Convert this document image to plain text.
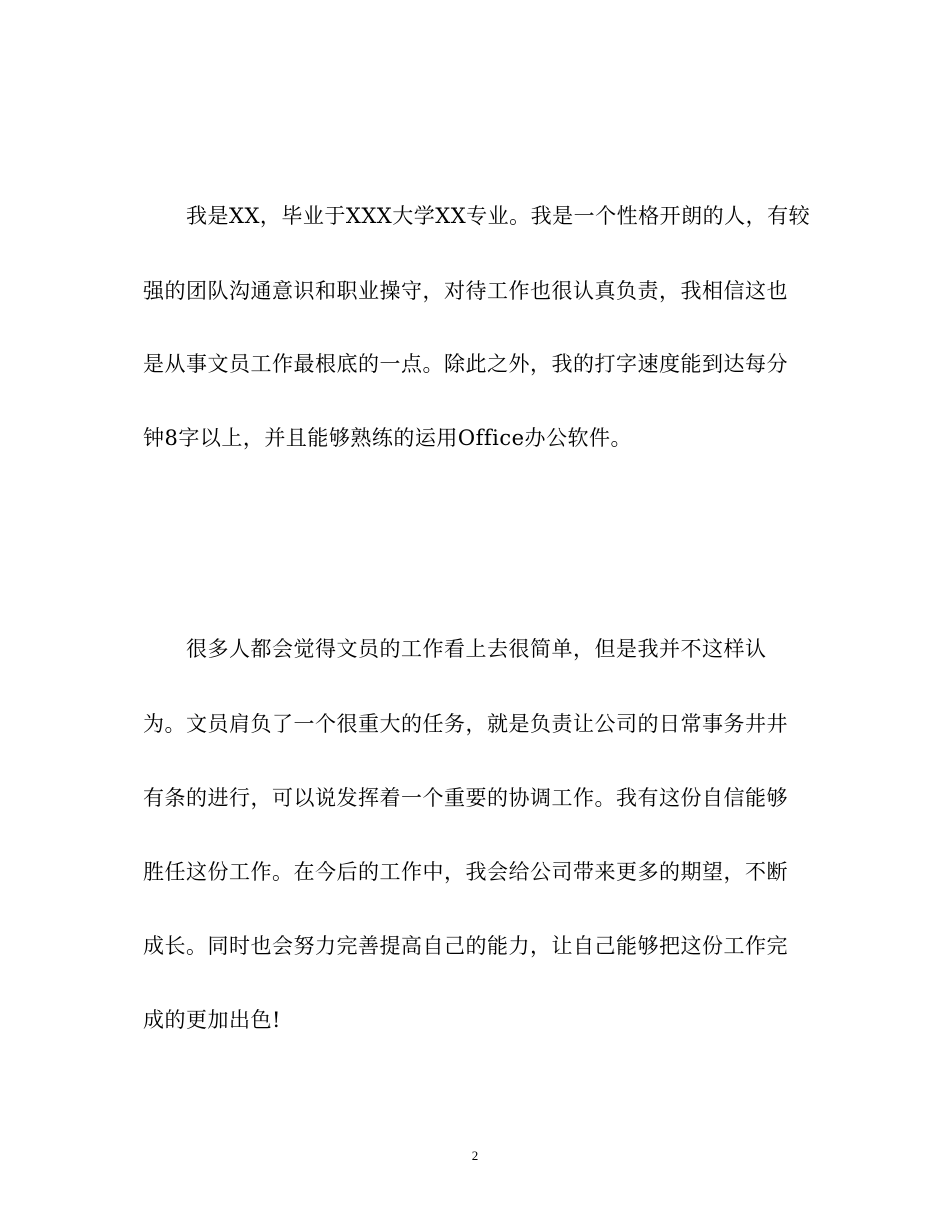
我是XX，毕业于XXX大学XX专业。我是一个性格开朗的人，有较
强的团队沟通意识和职业操守，对待工作也很认真负责，我相信这也
是从事文员工作最根底的一点。除此之外，我的打字速度能到达每分
钟8字以上，并且能够熟练的运用Office办公软件。
很多人都会觉得文员的工作看上去很简单，但是我并不这样认
为。文员肩负了一个很重大的任务，就是负责让公司的日常事务井井
有条的进行，可以说发挥着一个重要的协调工作。我有这份自信能够
胜任这份工作。在今后的工作中，我会给公司带来更多的期望，不断
成长。同时也会努力完善提高自己的能力，让自己能够把这份工作完
成的更加出色!
2
